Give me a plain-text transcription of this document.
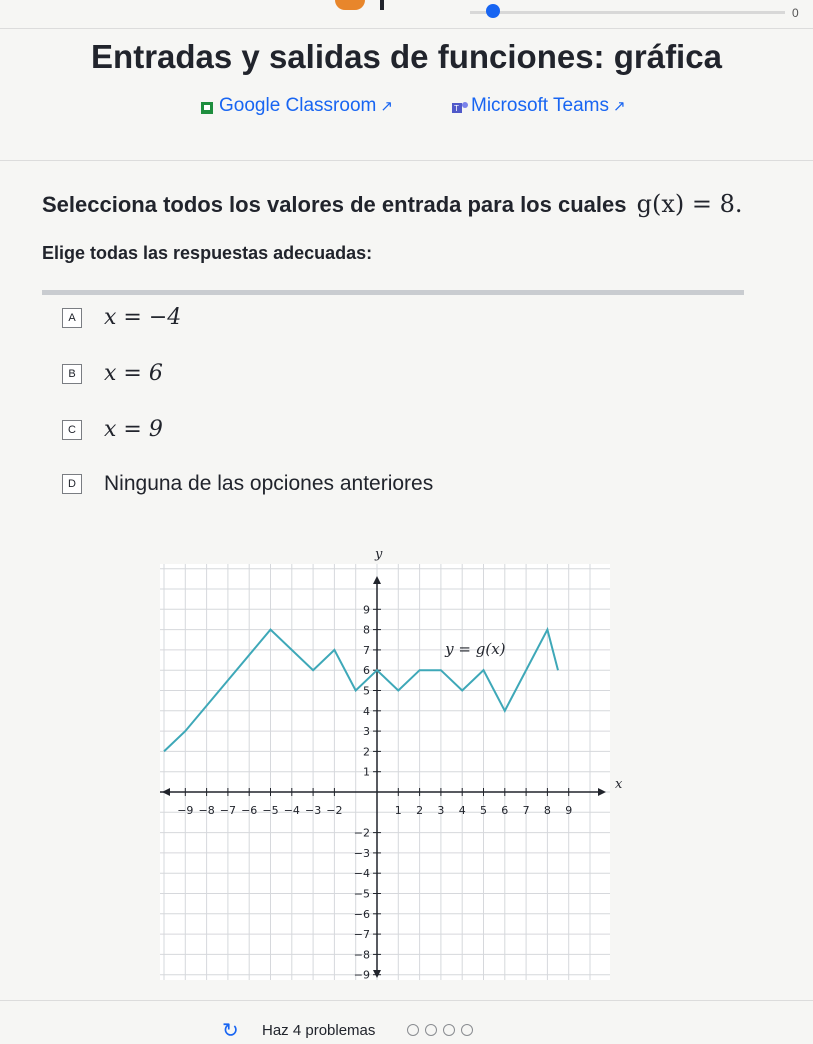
0
Entradas y salidas de funciones: gráfica
Google Classroom ↗	T Microsoft Teams ↗
Selecciona todos los valores de entrada para los cuales g(x) = 8.
Elige todas las respuestas adecuadas:
A x = −4
B x = 6
C x = 9
D Ninguna de las opciones anteriores
x
y
−9 −8 −7 −6 −5 −4 −3 −2	1 2 3 4 5 6 7 8 9
1
2
3
4
5
6
7
8
9
−2
−3
−4
−5
−6
−7
−8
−9
y = g(x)
↻ Haz 4 problemas
